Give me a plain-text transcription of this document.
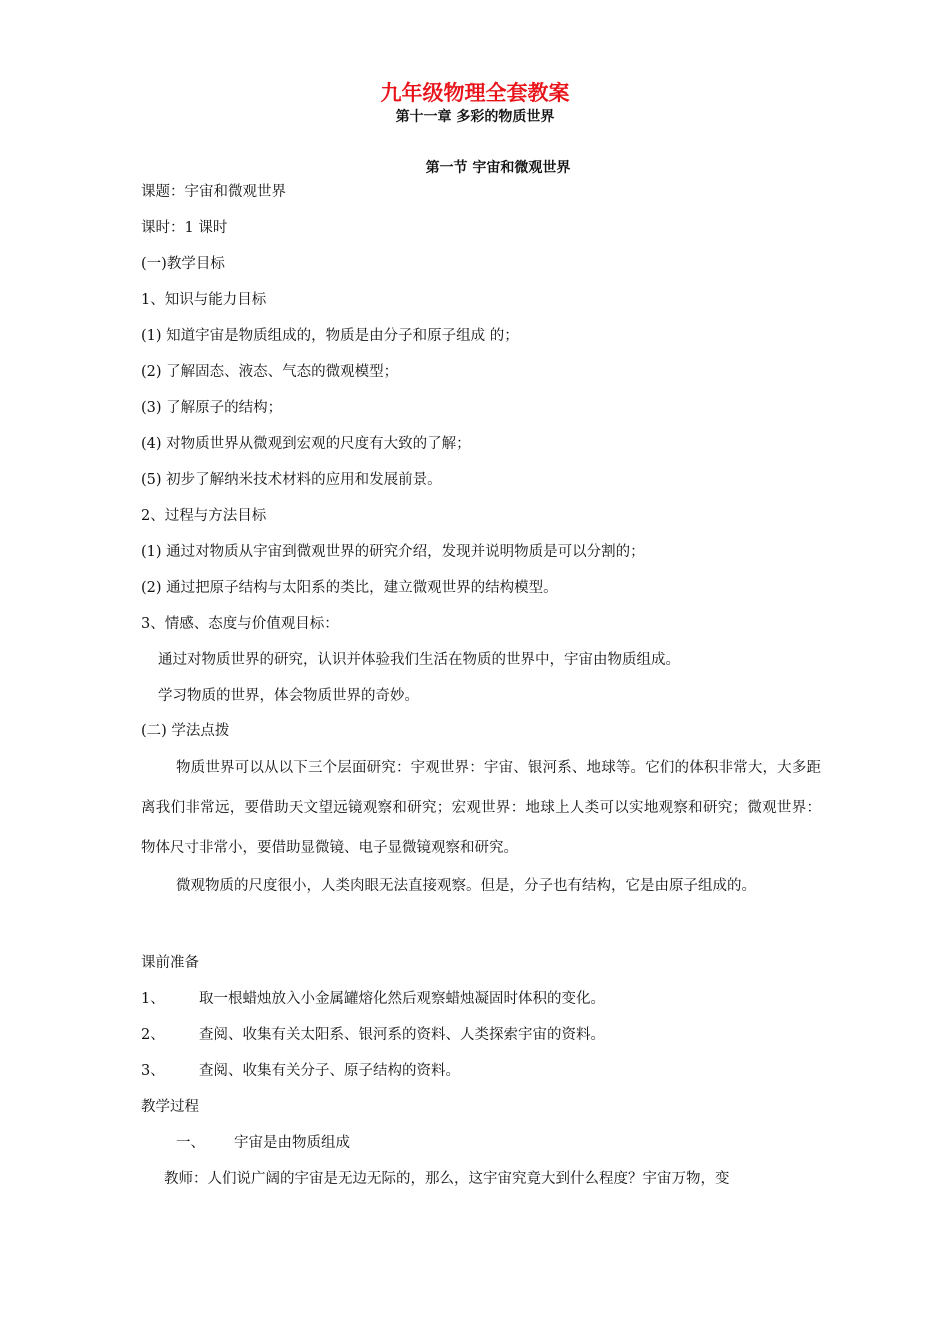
九年级物理全套教案
第十一章 多彩的物质世界
第一节 宇宙和微观世界
课题：宇宙和微观世界
课时：1 课时
(一)教学目标
1、知识与能力目标
(1) 知道宇宙是物质组成的，物质是由分子和原子组成 的；
(2) 了解固态、液态、气态的微观模型；
(3) 了解原子的结构；
(4) 对物质世界从微观到宏观的尺度有大致的了解；
(5) 初步了解纳米技术材料的应用和发展前景。
2、过程与方法目标
(1) 通过对物质从宇宙到微观世界的研究介绍，发现并说明物质是可以分割的；
(2) 通过把原子结构与太阳系的类比，建立微观世界的结构模型。
3、情感、态度与价值观目标：
通过对物质世界的研究，认识并体验我们生活在物质的世界中，宇宙由物质组成。
学习物质的世界，体会物质世界的奇妙。
(二) 学法点拨
物质世界可以从以下三个层面研究：宇观世界：宇宙、银河系、地球等。它们的体积非常大，大多距离我们非常远，要借助天文望远镜观察和研究；宏观世界：地球上人类可以实地观察和研究；微观世界：物体尺寸非常小，要借助显微镜、电子显微镜观察和研究。
微观物质的尺度很小，人类肉眼无法直接观察。但是，分子也有结构，它是由原子组成的。
课前准备
1、 取一根蜡烛放入小金属罐熔化然后观察蜡烛凝固时体积的变化。
2、 查阅、收集有关太阳系、银河系的资料、人类探索宇宙的资料。
3、 查阅、收集有关分子、原子结构的资料。
教学过程
一、 宇宙是由物质组成
教师：人们说广阔的宇宙是无边无际的，那么，这宇宙究竟大到什么程度？宇宙万物，变
